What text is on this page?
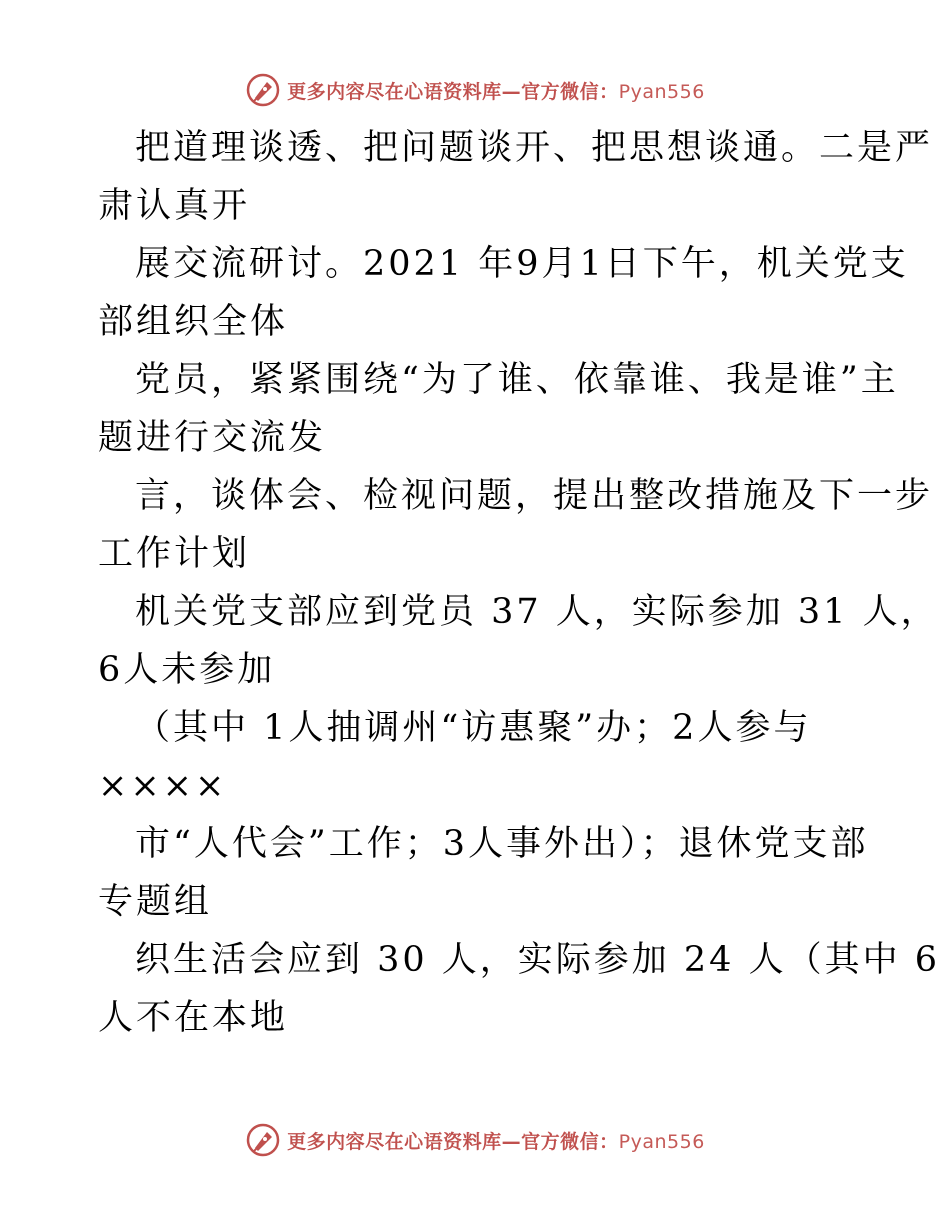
更多内容尽在心语资料库—官方微信：Pyan556
把道理谈透、把问题谈开、把思想谈通。二是严
肃认真开
展交流研讨。2021 年9月1日下午，机关党支
部组织全体
党员，紧紧围绕“为了谁、依靠谁、我是谁”主
题进行交流发
言，谈体会、检视问题，提出整改措施及下一步
工作计划
机关党支部应到党员 37 人，实际参加 31 人，
6人未参加
（其中 1人抽调州“访惠聚”办；2人参与
××××
市“人代会”工作；3人事外出）；退休党支部
专题组
织生活会应到 30 人，实际参加 24 人（其中 6
人不在本地
更多内容尽在心语资料库—官方微信：Pyan556
